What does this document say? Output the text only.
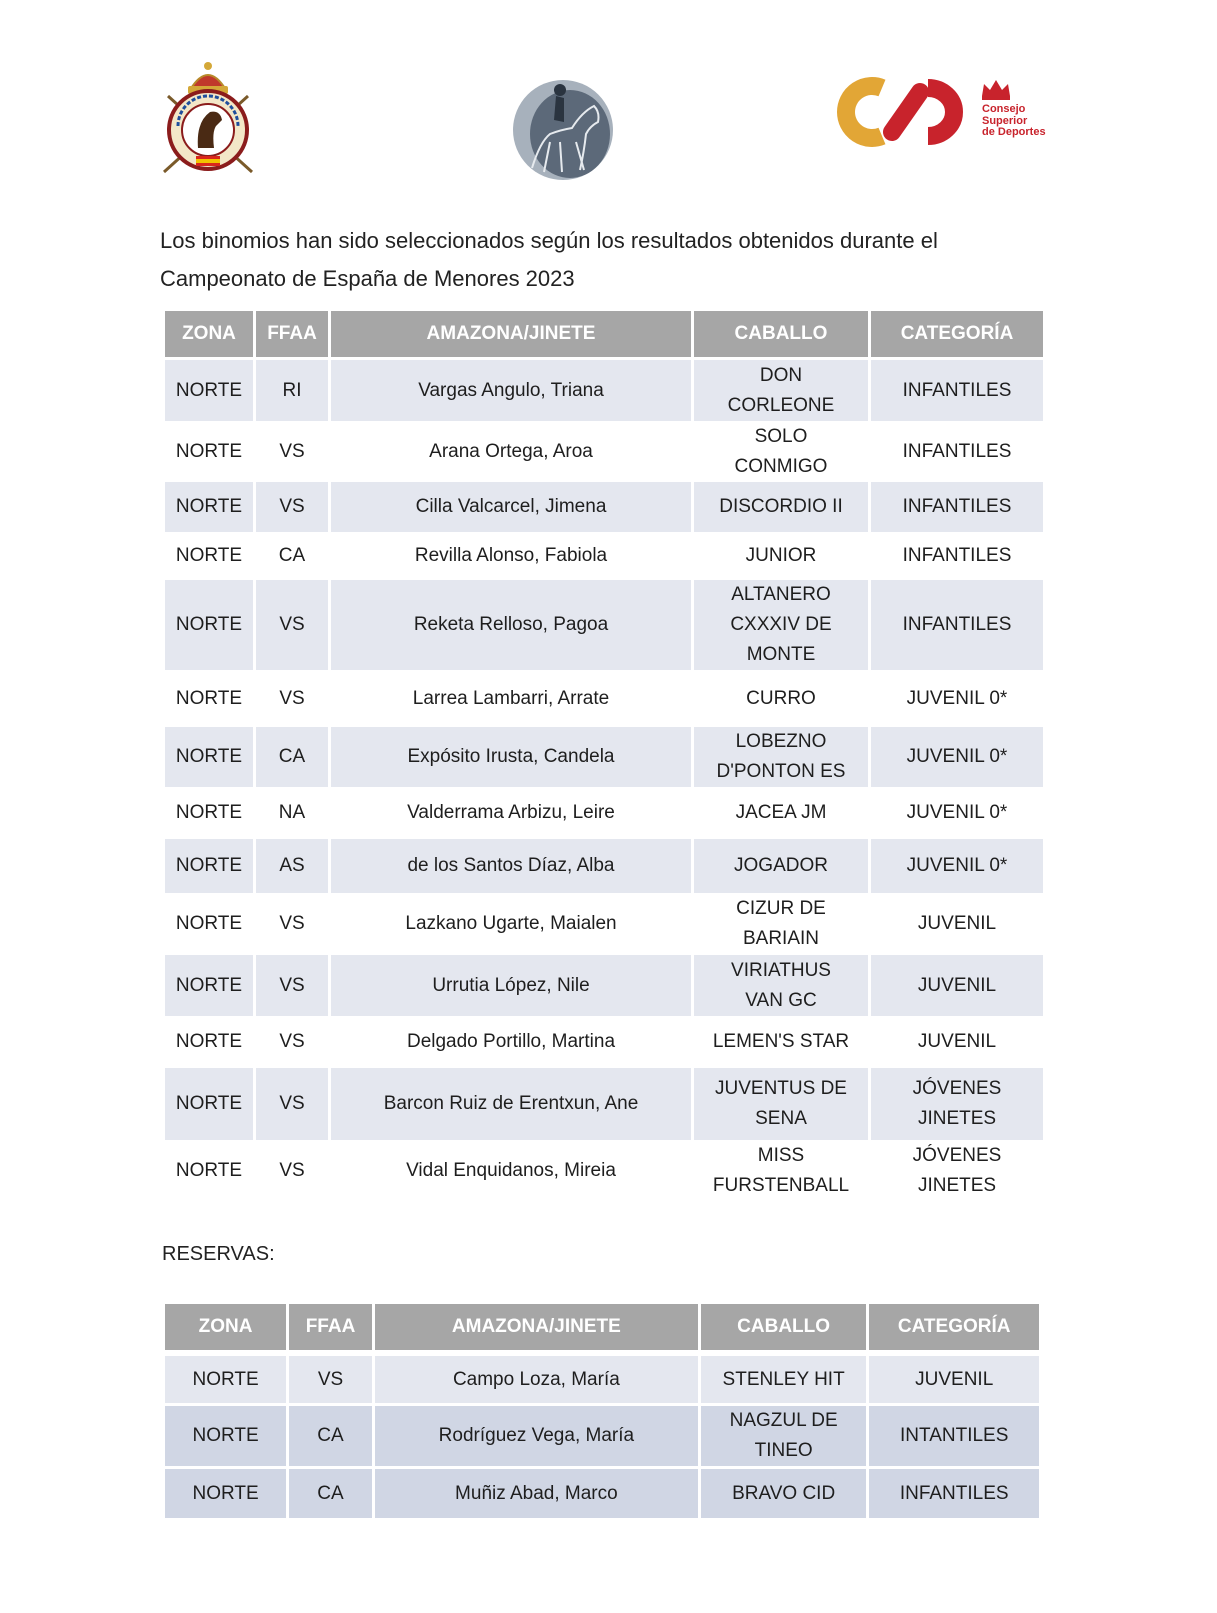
Consejo
Superior
de Deportes
Los binomios han sido seleccionados según los resultados obtenidos durante el Campeonato de España de Menores 2023
ZONA	FFAA	AMAZONA/JINETE	CABALLO	CATEGORÍA
NORTE	RI	Vargas Angulo, Triana	DON CORLEONE	INFANTILES
NORTE	VS	Arana Ortega, Aroa	SOLO CONMIGO	INFANTILES
NORTE	VS	Cilla Valcarcel, Jimena	DISCORDIO II	INFANTILES
NORTE	CA	Revilla Alonso, Fabiola	JUNIOR	INFANTILES
NORTE	VS	Reketa Relloso, Pagoa	ALTANERO CXXXIV DE MONTE	INFANTILES
NORTE	VS	Larrea Lambarri, Arrate	CURRO	JUVENIL 0*
NORTE	CA	Expósito Irusta, Candela	LOBEZNO D'PONTON ES	JUVENIL 0*
NORTE	NA	Valderrama Arbizu, Leire	JACEA JM	JUVENIL 0*
NORTE	AS	de los Santos Díaz, Alba	JOGADOR	JUVENIL 0*
NORTE	VS	Lazkano Ugarte, Maialen	CIZUR DE BARIAIN	JUVENIL
NORTE	VS	Urrutia López, Nile	VIRIATHUS VAN GC	JUVENIL
NORTE	VS	Delgado Portillo, Martina	LEMEN'S STAR	JUVENIL
NORTE	VS	Barcon Ruiz de Erentxun, Ane	JUVENTUS DE SENA	JÓVENES JINETES
NORTE	VS	Vidal Enquidanos, Mireia	MISS FURSTENBALL	JÓVENES JINETES
RESERVAS:
ZONA	FFAA	AMAZONA/JINETE	CABALLO	CATEGORÍA
NORTE	VS	Campo Loza, María	STENLEY HIT	JUVENIL
NORTE	CA	Rodríguez Vega, María	NAGZUL DE TINEO	INTANTILES
NORTE	CA	Muñiz Abad, Marco	BRAVO CID	INFANTILES
